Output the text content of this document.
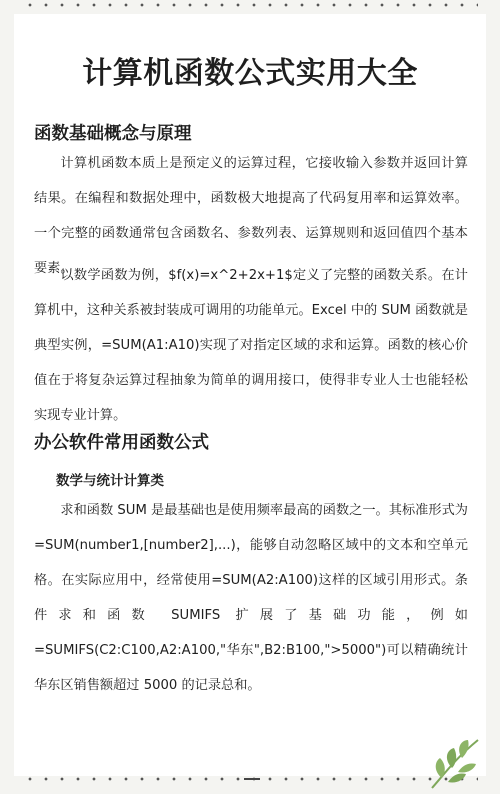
计算机函数公式实用大全
函数基础概念与原理

计算机函数本质上是预定义的运算过程，它接收输入参数并返回计算结果。在编程和数据处理中，函数极大地提高了代码复用率和运算效率。一个完整的函数通常包含函数名、参数列表、运算规则和返回值四个基本要素。

以数学函数为例，$f(x)=x^2+2x+1$定义了完整的函数关系。在计算机中，这种关系被封装成可调用的功能单元。Excel 中的 SUM 函数就是典型实例，=SUM(A1:A10)实现了对指定区域的求和运算。函数的核心价值在于将复杂运算过程抽象为简单的调用接口，使得非专业人士也能轻松实现专业计算。

办公软件常用函数公式
数学与统计计算类

求和函数 SUM 是最基础也是使用频率最高的函数之一。其标准形式为=SUM(number1,[number2],...)，能够自动忽略区域中的文本和空单元格。在实际应用中，经常使用=SUM(A2:A100)这样的区域引用形式。条件求和函数 SUMIFS 扩展了基础功能，例如=SUMIFS(C2:C100,A2:A100,"华东",B2:B100,">5000")可以精确统计华东区销售额超过 5000 的记录总和。
